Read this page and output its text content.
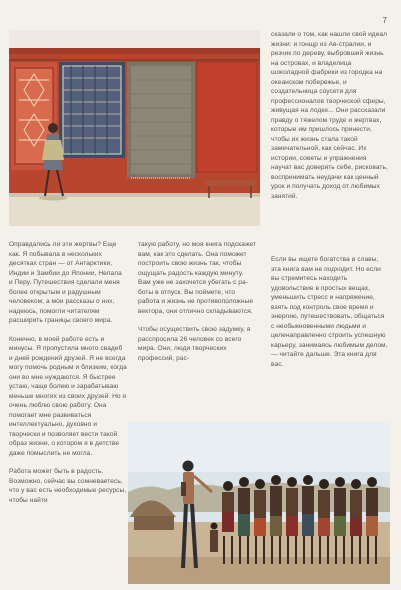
7

сказали о том, как нашли свой идеал жизни: и гонщр из Ав-стралии, и резчик по дереву, выбровший жизнь на островах, и владелица шоколадной фабрики из городка на океанском побережье, и создательница соусети для профессионалов творческой сферы, живущая на лодке... Они рассказали правду о тяжелом труде и жертвах, которые им пришлось принести, чтобы их жизнь стала такой замечательной, как сейчас. Их истории, советы и упражнения научат вас доверять себе, рисковать, воспринимать неудачи как ценный урок и получать доход от любимых занятий.

Оправдались ли эти жертвы? Еще как. Я побывала в нескольких десятках стран — от Антарктики, Индии и Замбии до Японии, Непала и Перу. Путешествия сделали меня более открытым и радушным человеком, а мои рассказы о них, надеюсь, помогли читателям расширить границы своего мира.

Конечно, в моей работе есть и минусы. Я пропустила много свадеб и дней рождений друзей. Я не всегда могу помочь родным и близким, когда они во мне нуждаются. Я быстрее устаю, чаще болею и зарабатываю меньше многих из своих друзей. Но я очень люблю свою работу. Она помогает мне развиваться интеллектуально, духовно и творчески и позволяет вести такой образ жизни, о котором я в детстве даже помыслить не могла.

Работа может быть в радость. Возможно, сейчас вы сомневаетесь, что у вас есть необходимые ресурсы, чтобы найти

такую работу, но моя книга подскажет вам, как это сделать. Она поможет построить свою жизнь так, чтобы ощущать радость каждую минуту. Вам уже не захочется убегать с работы в отпуск. Вы поймете, что работа и жизнь не противоположные вектора, они отлично складываются.

Чтобы осуществить свою задумку, я расспросила 26 человек со всего мира. Они, люди творческих профессий, рас-

Если вы ищете богатства и славы, эта книга вам не подходит. Но если вы стремитесь находить удовольствие в простых вещах, уменьшить стресс и напряжение, взять под контроль свое время и энергию, путешествовать, общаться с необыкновенными людьми и целенаправленно строить успешную карьеру, занимаясь любимым делом, — читайте дальше. Эта книга для вас.
